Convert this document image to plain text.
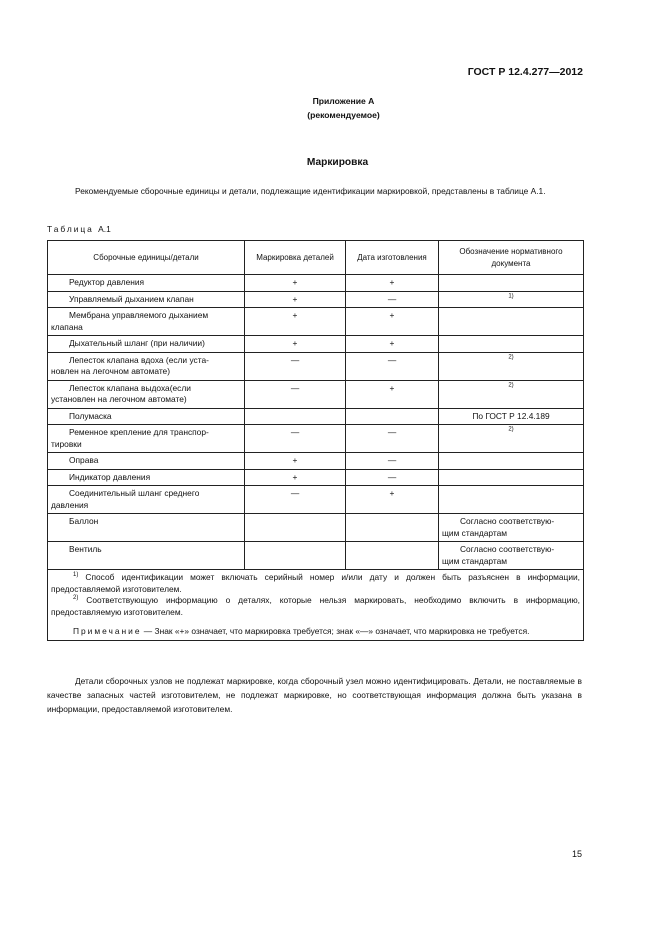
ГОСТ Р 12.4.277—2012
Приложение А
(рекомендуемое)
Маркировка
Рекомендуемые сборочные единицы и детали, подлежащие идентификации маркировкой, представлены в таблице А.1.
Таблица А.1
Сборочные единицы/детали	Маркировка деталей	Дата изготовления	Обозначение нормативного документа

Редуктор давления	+	+	

Управляемый дыханием клапан	+	—	$^{1)}$

Мембрана управляемого дыханием
клапана	+	+	

Дыхательный шланг (при наличии)	+	+	

Лепесток клапана вдоха (если уста-
новлен на легочном автомате)	—	—	$^{2)}$

Лепесток клапана выдоха(если
установлен на легочном автомате)	—	+	$^{2)}$

Полумаска			По ГОСТ Р 12.4.189

Ременное крепление для транспор-
тировки	—	—	$^{2)}$

Оправа	+	—	

Индикатор давления	+	—	

Соединительный шланг среднего
давления	—	+	

Баллон			Согласно соответствую-
щим стандартам

Вентиль			Согласно соответствую-
щим стандартам

$^{1)}$ Способ идентификации может включать серийный номер и/или дату и должен быть разъяснен в информации, предоставляемой изготовителем.

$^{2)}$ Соответствующую информацию о деталях, которые нельзя маркировать, необходимо включить в информацию, предоставляемую изготовителем.

Примечание — Знак «+» означает, что маркировка требуется; знак «—» означает, что маркировка не требуется.			

Детали сборочных узлов не подлежат маркировке, когда сборочный узел можно идентифицировать. Детали, не поставляемые в качестве запасных частей изготовителем, не подлежат маркировке, но соответствующая информация должна быть указана в информации, предоставляемой изготовителем.
15
